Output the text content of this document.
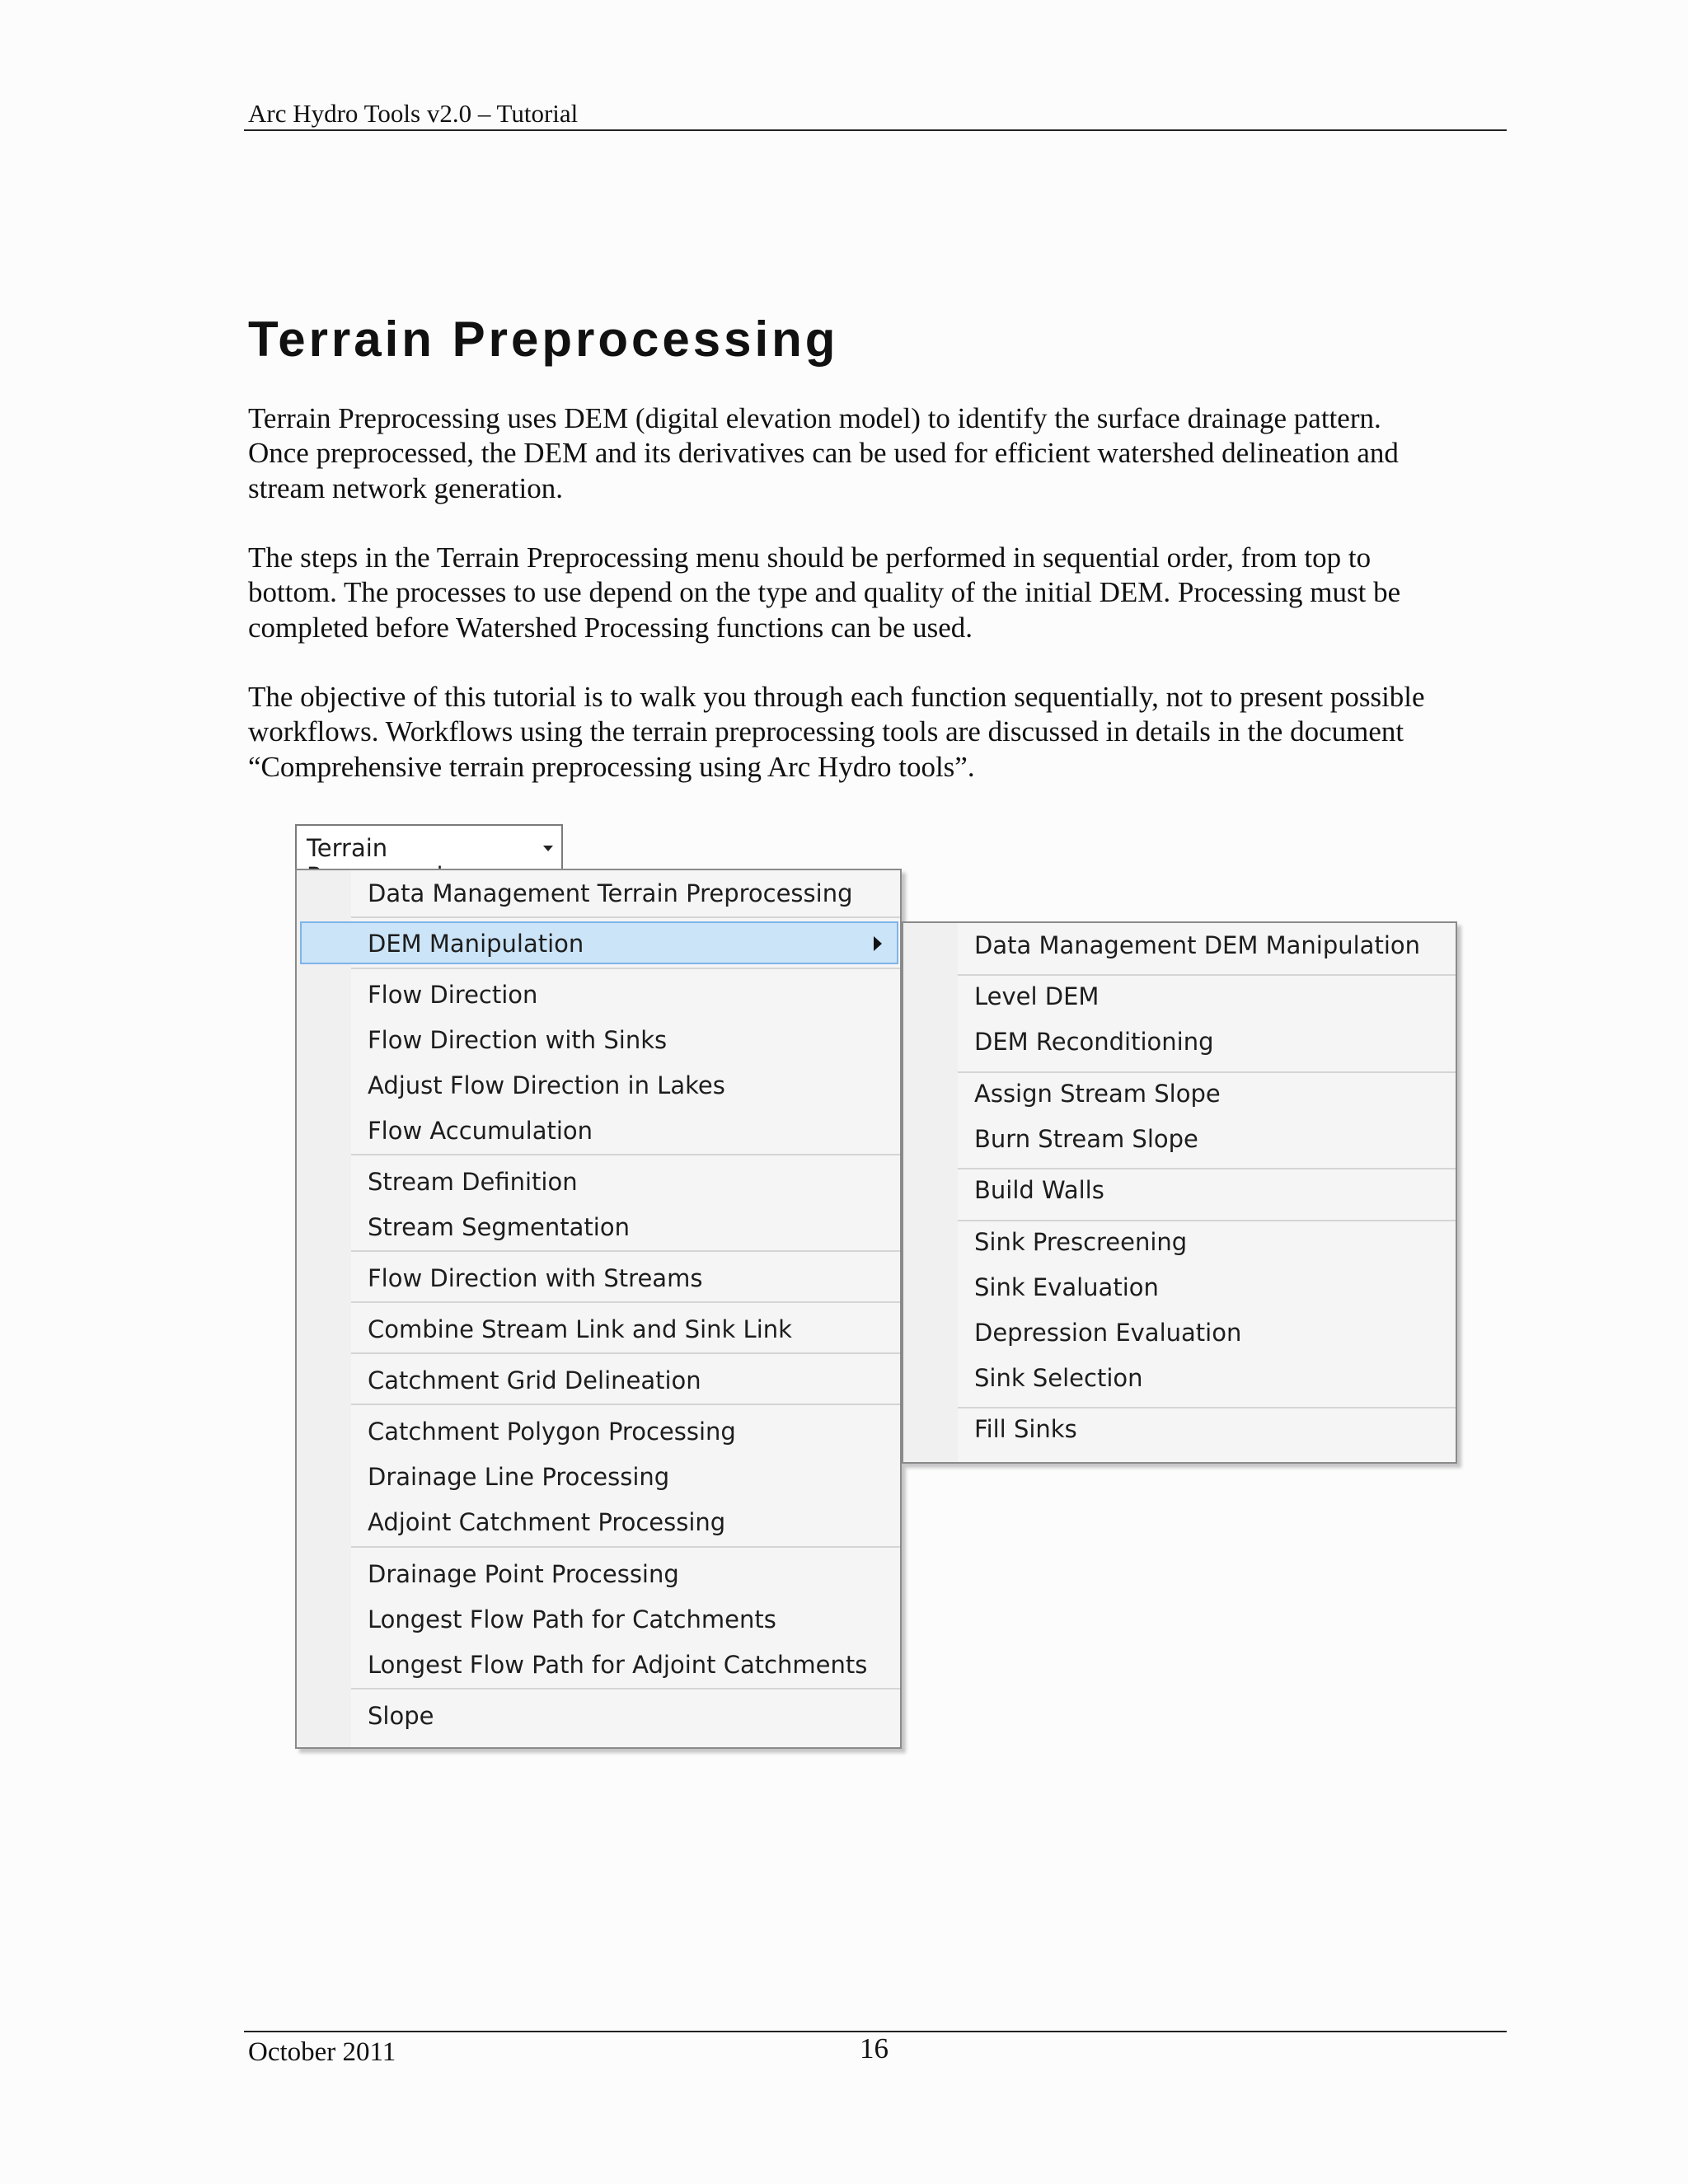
Arc Hydro Tools v2.0 – Tutorial
Terrain Preprocessing
Terrain Preprocessing uses DEM (digital elevation model) to identify the surface drainage pattern.
Once preprocessed, the DEM and its derivatives can be used for efficient watershed delineation and
stream network generation.
The steps in the Terrain Preprocessing menu should be performed in sequential order, from top to
bottom. The processes to use depend on the type and quality of the initial DEM. Processing must be
completed before Watershed Processing functions can be used.
The objective of this tutorial is to walk you through each function sequentially, not to present possible
workflows. Workflows using the terrain preprocessing tools are discussed in details in the document
“Comprehensive terrain preprocessing using Arc Hydro tools”.
Terrain
Data Management Terrain Preprocessing
DEM Manipulation
Flow Direction
Flow Direction with Sinks
Adjust Flow Direction in Lakes
Flow Accumulation
Stream Definition
Stream Segmentation
Flow Direction with Streams
Combine Stream Link and Sink Link
Catchment Grid Delineation
Catchment Polygon Processing
Drainage Line Processing
Adjoint Catchment Processing
Drainage Point Processing
Longest Flow Path for Catchments
Longest Flow Path for Adjoint Catchments
Slope
Data Management DEM Manipulation
Level DEM
DEM Reconditioning
Assign Stream Slope
Burn Stream Slope
Build Walls
Sink Prescreening
Sink Evaluation
Depression Evaluation
Sink Selection
Fill Sinks
October 2011	16
